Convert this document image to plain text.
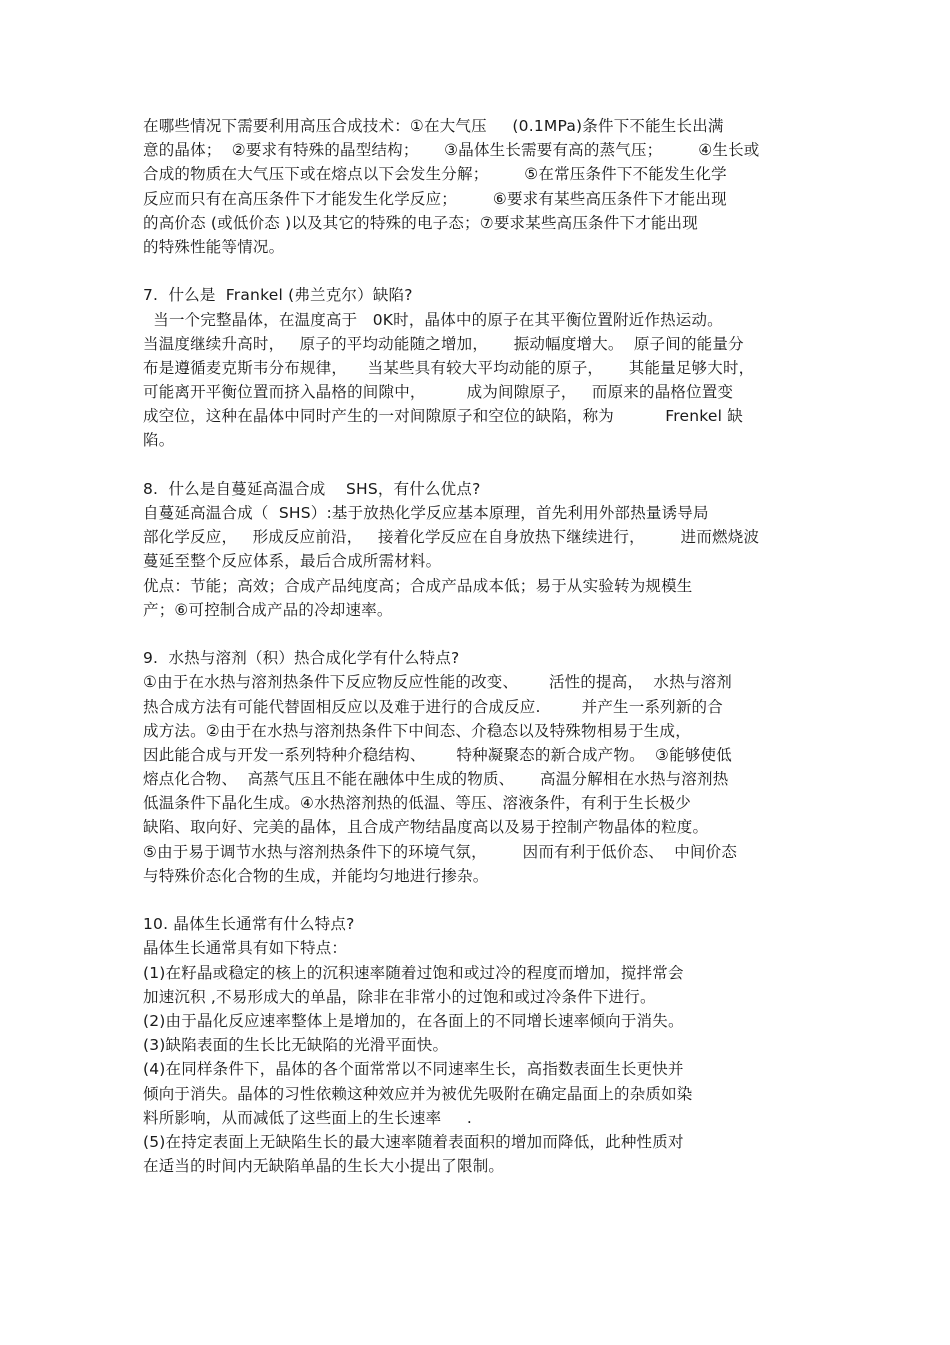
在哪些情况下需要利用高压合成技术：①在大气压     (0.1MPa)条件下不能生长出满
意的晶体；  ②要求有特殊的晶型结构；     ③晶体生长需要有高的蒸气压；       ④生长或
合成的物质在大气压下或在熔点以下会发生分解；       ⑤在常压条件下不能发生化学
反应而只有在高压条件下才能发生化学反应；       ⑥要求有某些高压条件下才能出现
的高价态 (或低价态 )以及其它的特殊的电子态；⑦要求某些高压条件下才能出现
的特殊性能等情况。
7.  什么是  Frankel (弗兰克尔）缺陷?
当一个完整晶体，在温度高于   0K时，晶体中的原子在其平衡位置附近作热运动。
当温度继续升高时，   原子的平均动能随之增加，     振动幅度增大。  原子间的能量分
布是遵循麦克斯韦分布规律，    当某些具有较大平均动能的原子，     其能量足够大时，
可能离开平衡位置而挤入晶格的间隙中，        成为间隙原子，   而原来的晶格位置变
成空位，这种在晶体中同时产生的一对间隙原子和空位的缺陷，称为          Frenkel 缺
陷。
8.  什么是自蔓延高温合成    SHS，有什么优点?
自蔓延高温合成（  SHS）:基于放热化学反应基本原理，首先利用外部热量诱导局
部化学反应，   形成反应前沿，   接着化学反应在自身放热下继续进行，       进而燃烧波
蔓延至整个反应体系，最后合成所需材料。
优点：节能；高效；合成产品纯度高；合成产品成本低；易于从实验转为规模生
产；⑥可控制合成产品的冷却速率。
9.  水热与溶剂（积）热合成化学有什么特点?
①由于在水热与溶剂热条件下反应物反应性能的改变、      活性的提高，  水热与溶剂
热合成方法有可能代替固相反应以及难于进行的合成反应.        并产生一系列新的合
成方法。②由于在水热与溶剂热条件下中间态、介稳态以及特殊物相易于生成，
因此能合成与开发一系列特种介稳结构、      特种凝聚态的新合成产物。  ③能够使低
熔点化合物、  高蒸气压且不能在融体中生成的物质、     高温分解相在水热与溶剂热
低温条件下晶化生成。④水热溶剂热的低温、等压、溶液条件，有利于生长极少
缺陷、取向好、完美的晶体，且合成产物结晶度高以及易于控制产物晶体的粒度。
⑤由于易于调节水热与溶剂热条件下的环境气氛，       因而有利于低价态、  中间价态
与特殊价态化合物的生成，并能均匀地进行掺杂。
10. 晶体生长通常有什么特点?
晶体生长通常具有如下特点：
(1)在籽晶或稳定的核上的沉积速率随着过饱和或过冷的程度而增加，搅拌常会
加速沉积 ,不易形成大的单晶，除非在非常小的过饱和或过冷条件下进行。
(2)由于晶化反应速率整体上是增加的，在各面上的不同增长速率倾向于消失。
(3)缺陷表面的生长比无缺陷的光滑平面快。
(4)在同样条件下，晶体的各个面常常以不同速率生长，高指数表面生长更快并
倾向于消失。晶体的习性依赖这种效应并为被优先吸附在确定晶面上的杂质如染
料所影响，从而减低了这些面上的生长速率     .
(5)在持定表面上无缺陷生长的最大速率随着表面积的增加而降低，此种性质对
在适当的时间内无缺陷单晶的生长大小提出了限制。
